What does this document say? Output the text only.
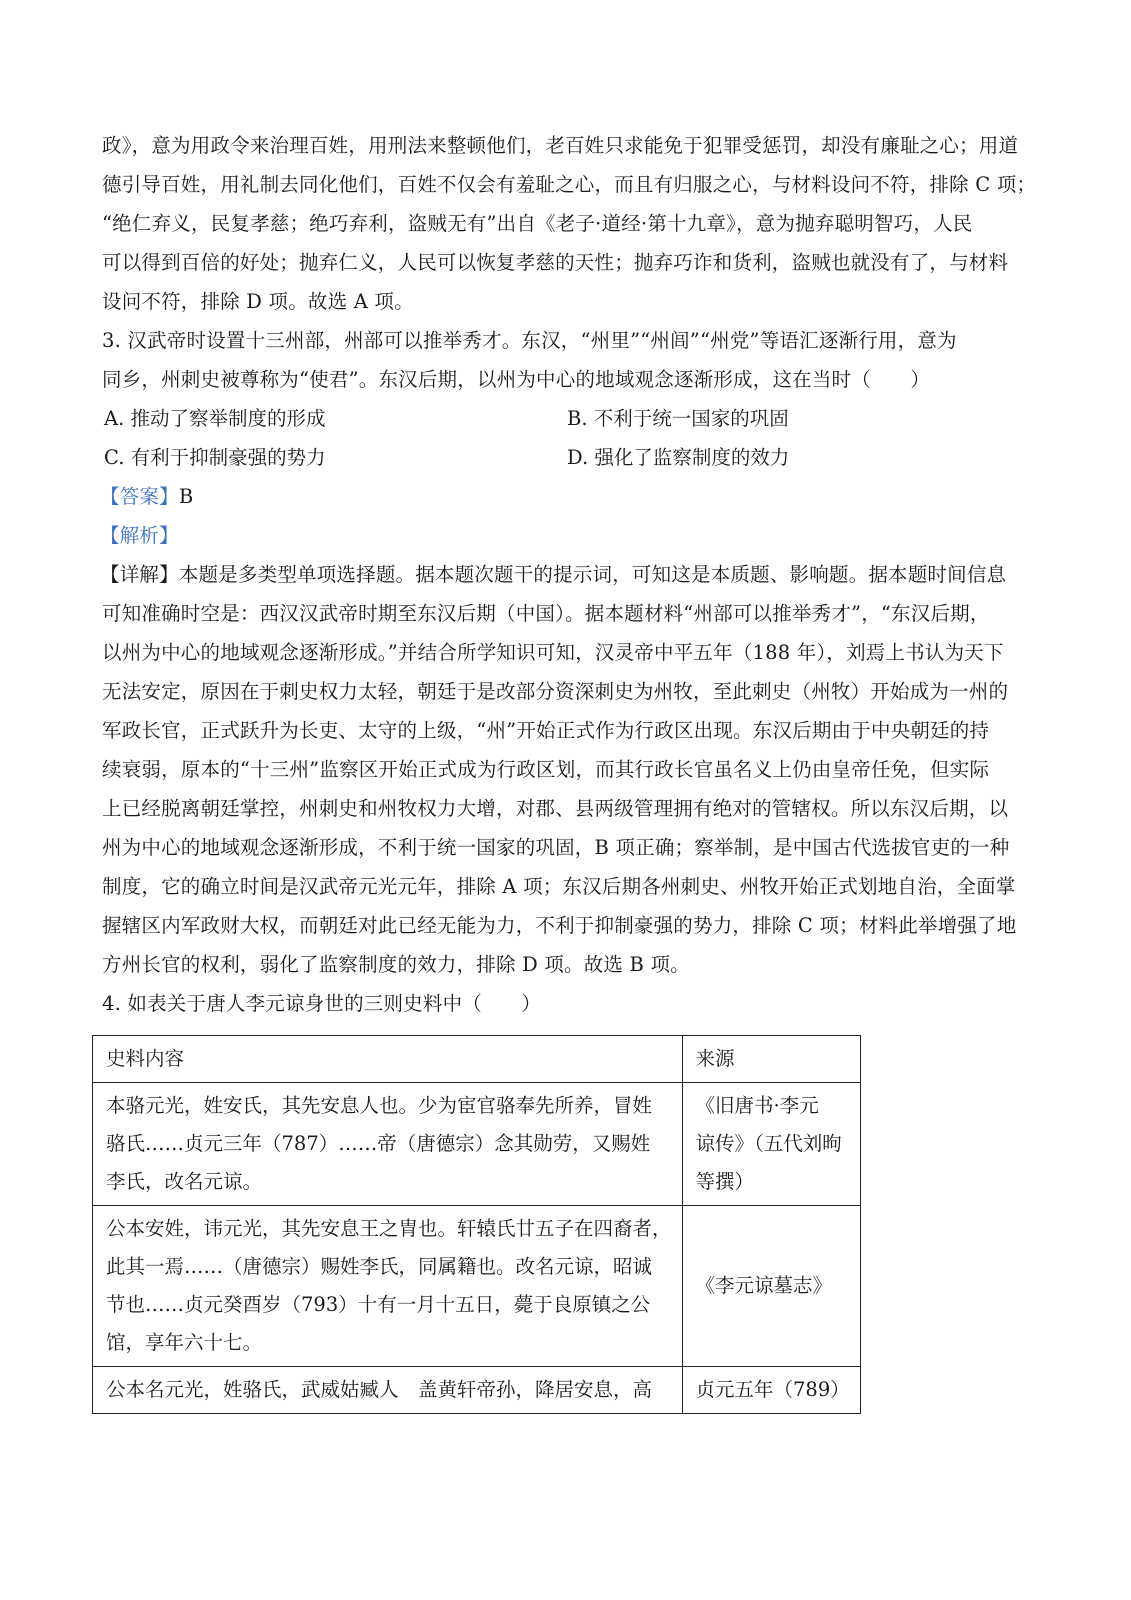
政》，意为用政令来治理百姓，用刑法来整顿他们，老百姓只求能免于犯罪受惩罚，却没有廉耻之心；用道
德引导百姓，用礼制去同化他们，百姓不仅会有羞耻之心，而且有归服之心，与材料设问不符，排除 C 项；
“绝仁弃义，民复孝慈；绝巧弃利，盗贼无有”出自《老子·道经·第十九章》，意为抛弃聪明智巧，人民
可以得到百倍的好处；抛弃仁义，人民可以恢复孝慈的天性；抛弃巧诈和货利，盗贼也就没有了，与材料
设问不符，排除 D 项。故选 A 项。
3. 汉武帝时设置十三州部，州部可以推举秀才。东汉，“州里”“州闾”“州党”等语汇逐渐行用，意为
同乡，州刺史被尊称为“使君”。东汉后期，以州为中心的地域观念逐渐形成，这在当时（　　）
A. 推动了察举制度的形成	B. 不利于统一国家的巩固
C. 有利于抑制豪强的势力	D. 强化了监察制度的效力
【答案】B
【解析】
【详解】本题是多类型单项选择题。据本题次题干的提示词，可知这是本质题、影响题。据本题时间信息
可知准确时空是：西汉汉武帝时期至东汉后期（中国）。据本题材料“州部可以推举秀才”，“东汉后期，
以州为中心的地域观念逐渐形成。”并结合所学知识可知，汉灵帝中平五年（188 年），刘焉上书认为天下
无法安定，原因在于刺史权力太轻，朝廷于是改部分资深刺史为州牧，至此刺史（州牧）开始成为一州的
军政长官，正式跃升为长吏、太守的上级，“州”开始正式作为行政区出现。东汉后期由于中央朝廷的持
续衰弱，原本的“十三州”监察区开始正式成为行政区划，而其行政长官虽名义上仍由皇帝任免，但实际
上已经脱离朝廷掌控，州刺史和州牧权力大增，对郡、县两级管理拥有绝对的管辖权。所以东汉后期，以
州为中心的地域观念逐渐形成，不利于统一国家的巩固，B 项正确；察举制，是中国古代选拔官吏的一种
制度，它的确立时间是汉武帝元光元年，排除 A 项；东汉后期各州刺史、州牧开始正式划地自治，全面掌
握辖区内军政财大权，而朝廷对此已经无能为力，不利于抑制豪强的势力，排除 C 项；材料此举增强了地
方州长官的权利，弱化了监察制度的效力，排除 D 项。故选 B 项。
4. 如表关于唐人李元谅身世的三则史料中（　　）
史料内容	来源

本骆元光，姓安氏，其先安息人也。少为宦官骆奉先所养，冒姓
骆氏……贞元三年（787）……帝（唐德宗）念其勋劳，又赐姓
李氏，改名元谅。	《旧唐书·李元
谅传》（五代刘昫
等撰）

公本安姓，讳元光，其先安息王之胄也。轩辕氏廿五子在四裔者，
此其一焉……（唐德宗）赐姓李氏，同属籍也。改名元谅，昭诚
节也……贞元癸酉岁（793）十有一月十五日，薨于良原镇之公
馆，享年六十七。	《李元谅墓志》

公本名元光，姓骆氏，武威姑臧人　盖黄轩帝孙，降居安息，高	贞元五年（789）
